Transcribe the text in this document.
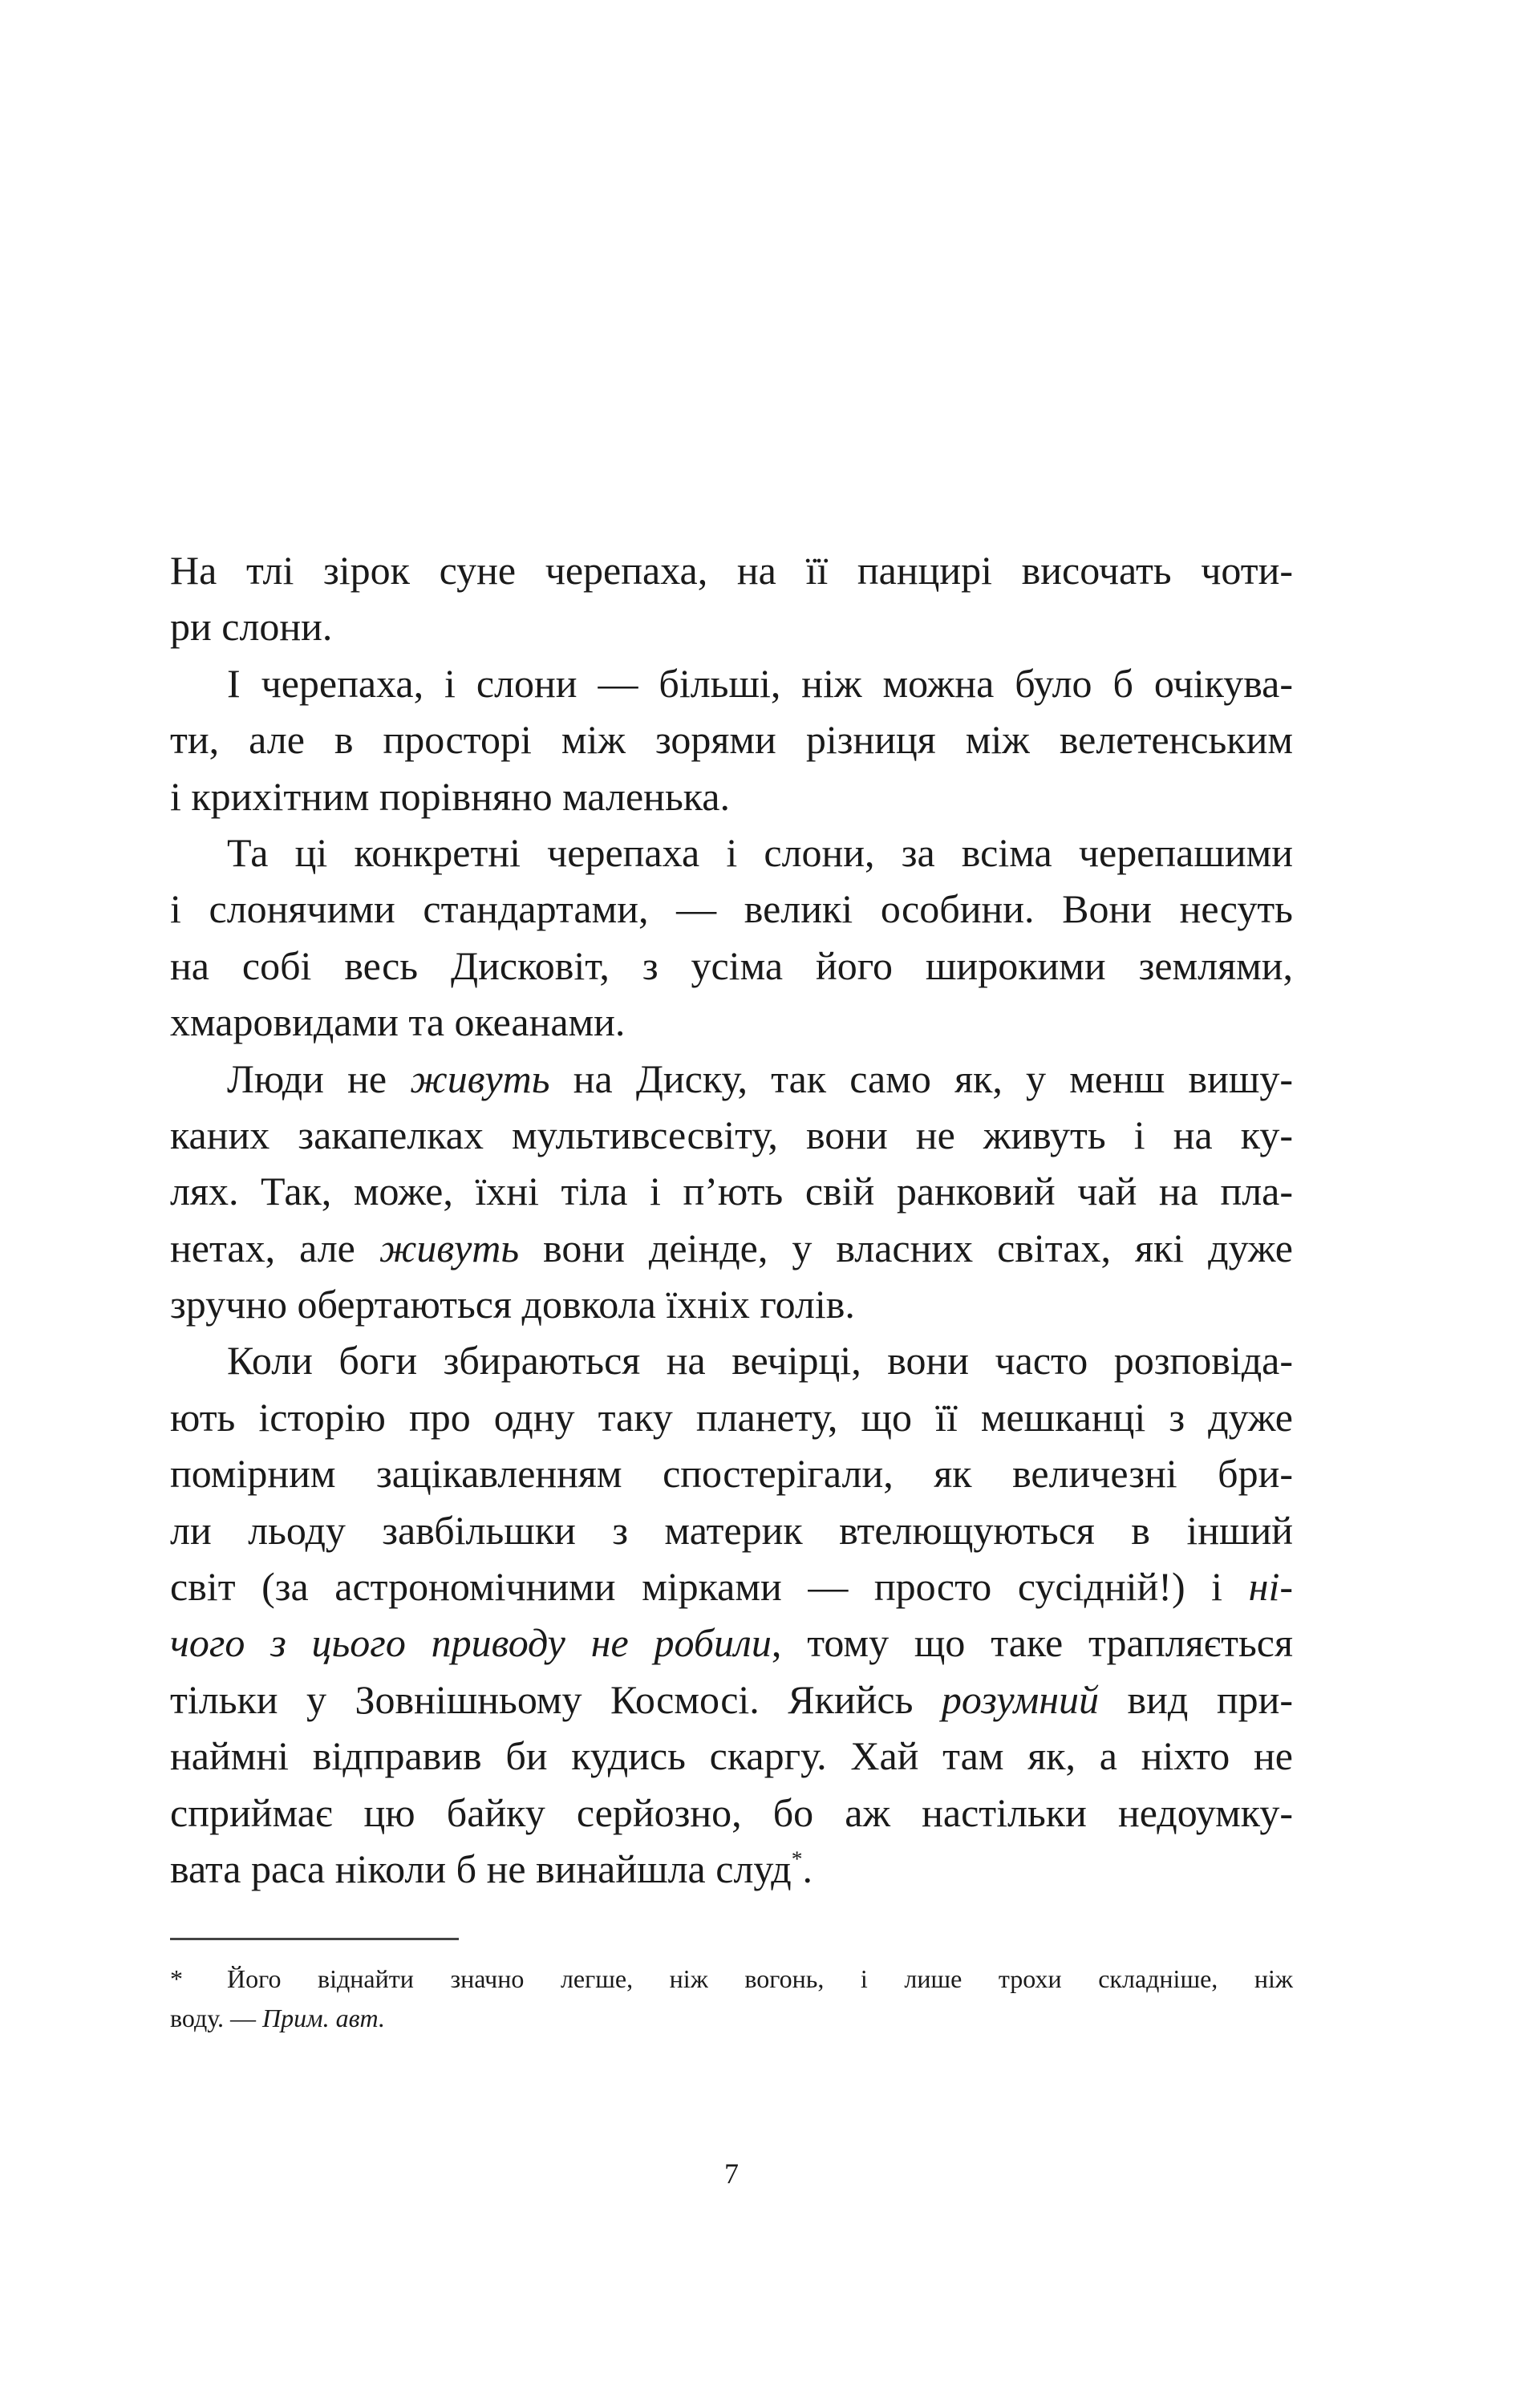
На тлі зірок суне черепаха, на її панцирі височать чоти-
ри слони.
І черепаха, і слони — більші, ніж можна було б очікува-
ти, але в просторі між зорями різниця між велетенським
і крихітним порівняно маленька.
Та ці конкретні черепаха і слони, за всіма черепашими
і слонячими стандартами, — великі особини. Вони несуть
на собі весь Дисковіт, з усіма його широкими землями,
хмаровидами та океанами.
Люди не живуть на Диску, так само як, у менш вишу-
каних закапелках мультивсесвіту, вони не живуть і на ку-
лях. Так, може, їхні тіла і п’ють свій ранковий чай на пла-
нетах, але живуть вони деінде, у власних світах, які дуже
зручно обертаються довкола їхніх голів.
Коли боги збираються на вечірці, вони часто розповіда-
ють історію про одну таку планету, що її мешканці з дуже
помірним зацікавленням спостерігали, як величезні бри-
ли льоду завбільшки з материк втелющуються в інший
світ (за астрономічними мірками — просто сусідній!) і ні-
чого з цього приводу не робили, тому що таке трапляється
тільки у Зовнішньому Космосі. Якийсь розумний вид при-
наймні відправив би кудись скаргу. Хай там як, а ніхто не
сприймає цю байку серйозно, бо аж настільки недоумку-
вата раса ніколи б не винайшла слуд*.
* Його віднайти значно легше, ніж вогонь, і лише трохи складніше, ніж
воду. — Прим. авт.
7
